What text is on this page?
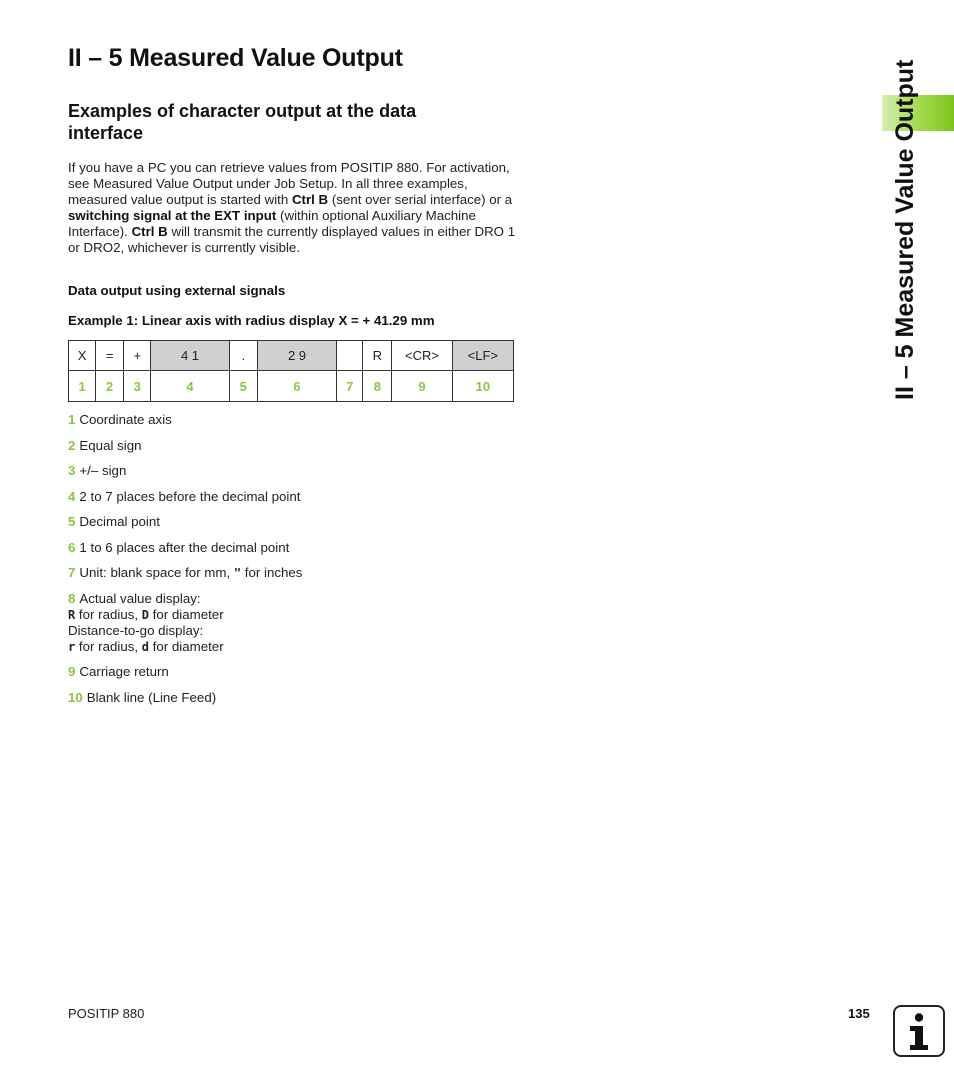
II – 5 Measured Value Output
Examples of character output at the data interface
If you have a PC you can retrieve values from POSITIP 880. For activation, see Measured Value Output under Job Setup. In all three examples, measured value output is started with Ctrl B (sent over serial interface) or a switching signal at the EXT input (within optional Auxiliary Machine Interface). Ctrl B will transmit the currently displayed values in either DRO 1 or DRO2, whichever is currently visible.
Data output using external signals
Example 1: Linear axis with radius display X = + 41.29 mm
X	=	+	4 1	.	2 9		R	<CR>	<LF>
1	2	3	4	5	6	7	8	9	10
1 Coordinate axis
2 Equal sign
3 +/– sign
4 2 to 7 places before the decimal point
5 Decimal point
6 1 to 6 places after the decimal point
7 Unit: blank space for mm, " for inches
8 Actual value display:
R for radius, D for diameter
Distance-to-go display:
r for radius, d for diameter
9 Carriage return
10 Blank line (Line Feed)
II – 5 Measured Value Output
POSITIP 880	135
